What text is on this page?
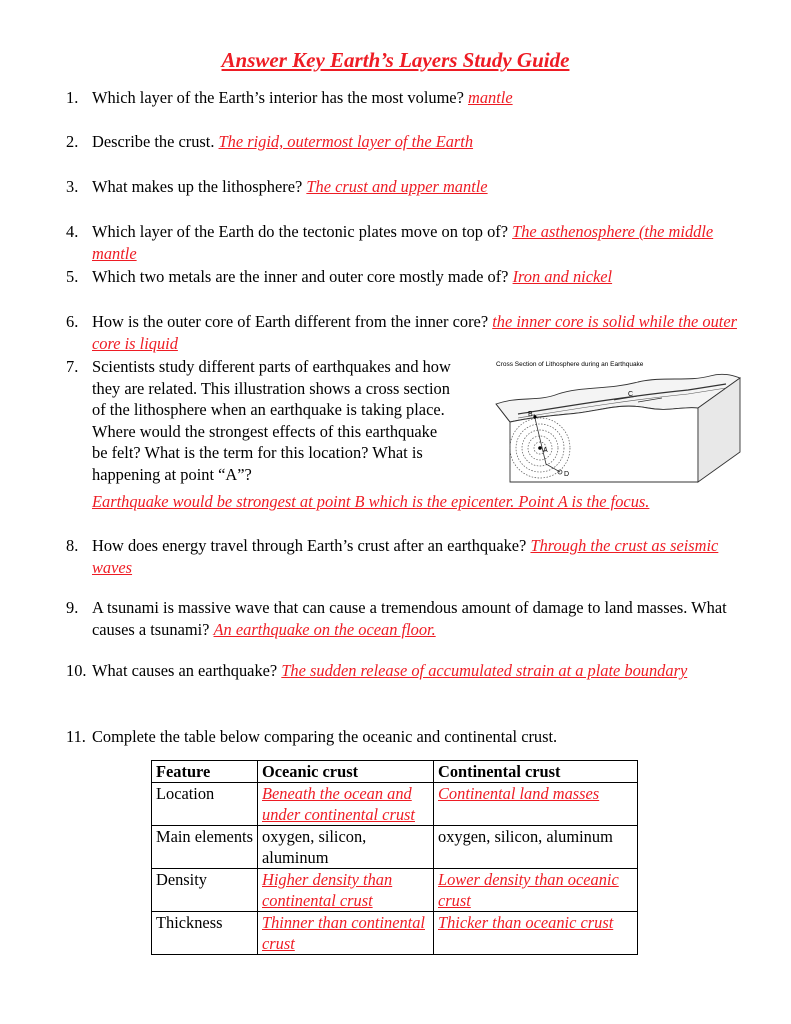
Answer Key Earth’s Layers Study Guide
1. Which layer of the Earth’s interior has the most volume? mantle
2. Describe the crust. The rigid, outermost layer of the Earth
3. What makes up the lithosphere? The crust and upper mantle
4. Which layer of the Earth do the tectonic plates move on top of? The asthenosphere (the middle mantle
5. Which two metals are the inner and outer core mostly made of? Iron and nickel
6. How is the outer core of Earth different from the inner core? the inner core is solid while the outer core is liquid
7. Scientists study different parts of earthquakes and how they are related. This illustration shows a cross section of the lithosphere when an earthquake is taking place. Where would the strongest effects of this earthquake be felt? What is the term for this location? What is happening at point “A”?
Cross Section of Lithosphere during an Earthquake
A
B
C
D
Earthquake would be strongest at point B which is the epicenter. Point A is the focus.
8. How does energy travel through Earth’s crust after an earthquake? Through the crust as seismic waves
9. A tsunami is massive wave that can cause a tremendous amount of damage to land masses. What causes a tsunami? An earthquake on the ocean floor.
10. What causes an earthquake? The sudden release of accumulated strain at a plate boundary
11. Complete the table below comparing the oceanic and continental crust.
Feature	Oceanic crust	Continental crust
Location	Beneath the ocean and under continental crust	Continental land masses
Main elements	oxygen, silicon, aluminum	oxygen, silicon, aluminum
Density	Higher density than continental crust	Lower density than oceanic crust
Thickness	Thinner than continental crust	Thicker than oceanic crust
